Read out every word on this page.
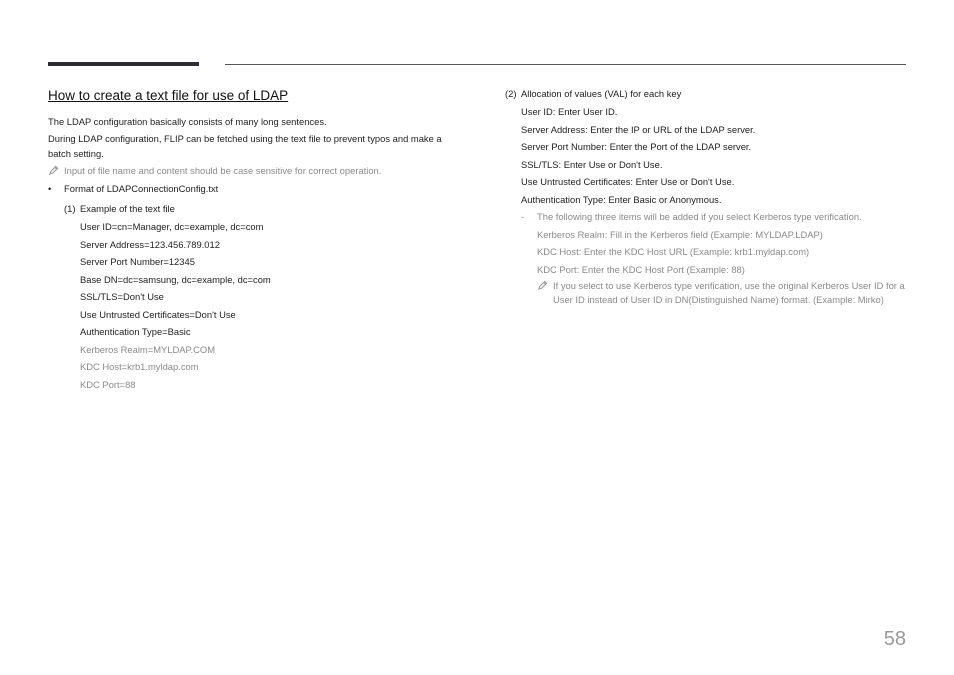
How to create a text file for use of LDAP

The LDAP configuration basically consists of many long sentences.

During LDAP configuration, FLIP can be fetched using the text file to prevent typos and make a batch setting.

Input of file name and content should be case sensitive for correct operation.
• Format of LDAPConnectionConfig.txt
(1) Example of the text file
User ID=cn=Manager, dc=example, dc=com
Server Address=123.456.789.012
Server Port Number=12345
Base DN=dc=samsung, dc=example, dc=com
SSL/TLS=Don't Use
Use Untrusted Certificates=Don't Use
Authentication Type=Basic
Kerberos Realm=MYLDAP.COM
KDC Host=krb1.myldap.com
KDC Port=88
(2) Allocation of values (VAL) for each key
User ID: Enter User ID.
Server Address: Enter the IP or URL of the LDAP server.
Server Port Number: Enter the Port of the LDAP server.
SSL/TLS: Enter Use or Don't Use.
Use Untrusted Certificates: Enter Use or Don't Use.
Authentication Type: Enter Basic or Anonymous.
- The following three items will be added if you select Kerberos type verification.
Kerberos Realm: Fill in the Kerberos field (Example: MYLDAP.LDAP)
KDC Host: Enter the KDC Host URL (Example: krb1.myldap.com)
KDC Port: Enter the KDC Host Port (Example: 88)
If you select to use Kerberos type verification, use the original Kerberos User ID for a User ID instead of User ID in DN(Distinguished Name) format. (Example: Mirko)
58
